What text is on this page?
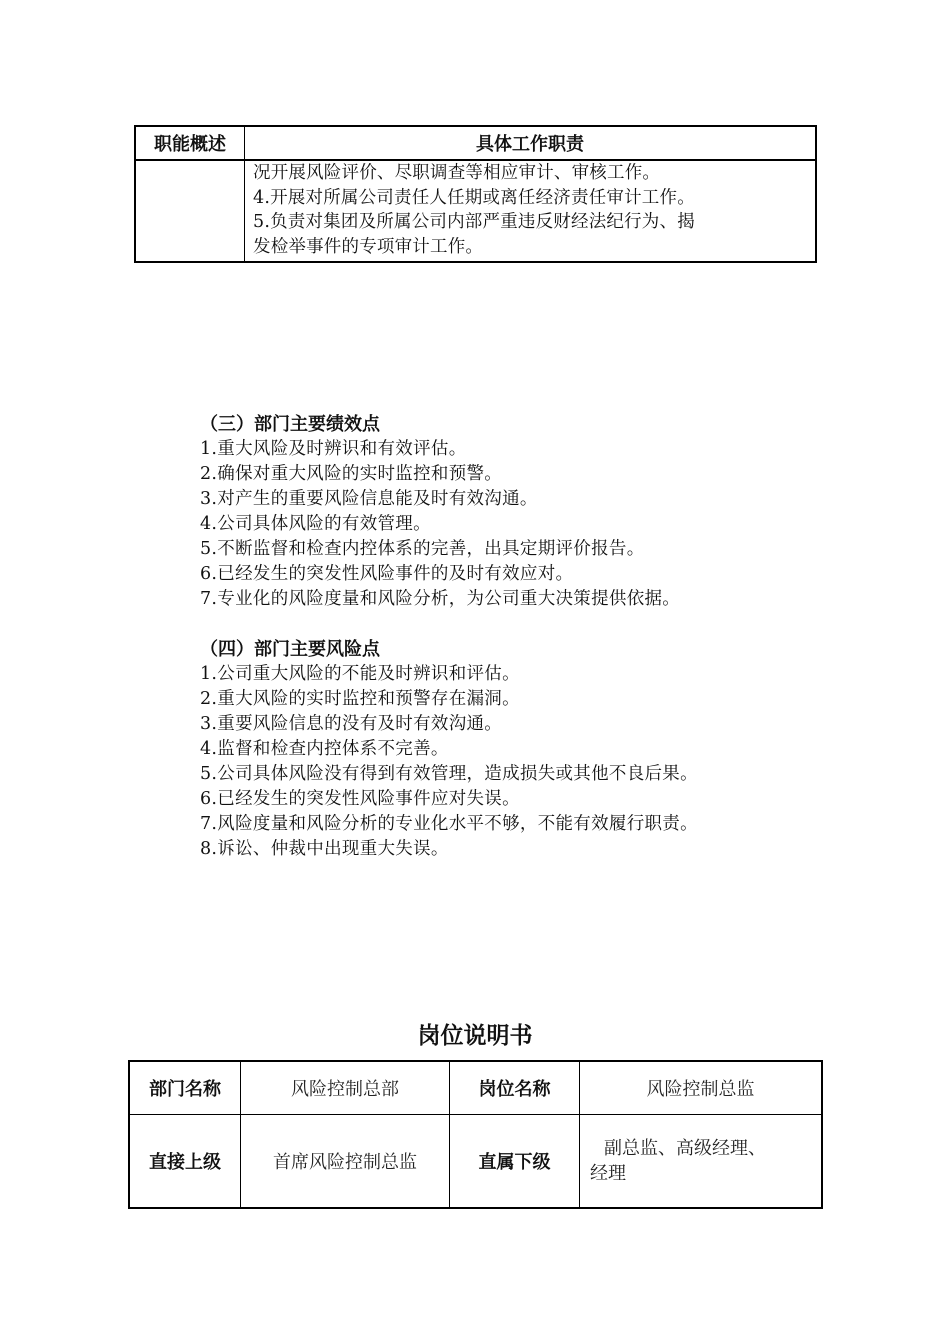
职能概述	具体工作职责

	况开展风险评价、尽职调查等相应审计、审核工作。
4.开展对所属公司责任人任期或离任经济责任审计工作。
5.负责对集团及所属公司内部严重违反财经法纪行为、揭
发检举事件的专项审计工作。
（三）部门主要绩效点
1.重大风险及时辨识和有效评估。
2.确保对重大风险的实时监控和预警。
3.对产生的重要风险信息能及时有效沟通。
4.公司具体风险的有效管理。
5.不断监督和检查内控体系的完善，出具定期评价报告。
6.已经发生的突发性风险事件的及时有效应对。
7.专业化的风险度量和风险分析，为公司重大决策提供依据。
（四）部门主要风险点
1.公司重大风险的不能及时辨识和评估。
2.重大风险的实时监控和预警存在漏洞。
3.重要风险信息的没有及时有效沟通。
4.监督和检查内控体系不完善。
5.公司具体风险没有得到有效管理，造成损失或其他不良后果。
6.已经发生的突发性风险事件应对失误。
7.风险度量和风险分析的专业化水平不够，不能有效履行职责。
8.诉讼、仲裁中出现重大失误。
岗位说明书
部门名称	风险控制总部	岗位名称	风险控制总监
直接上级	首席风险控制总监	直属下级	副总监、高级经理、
经理
